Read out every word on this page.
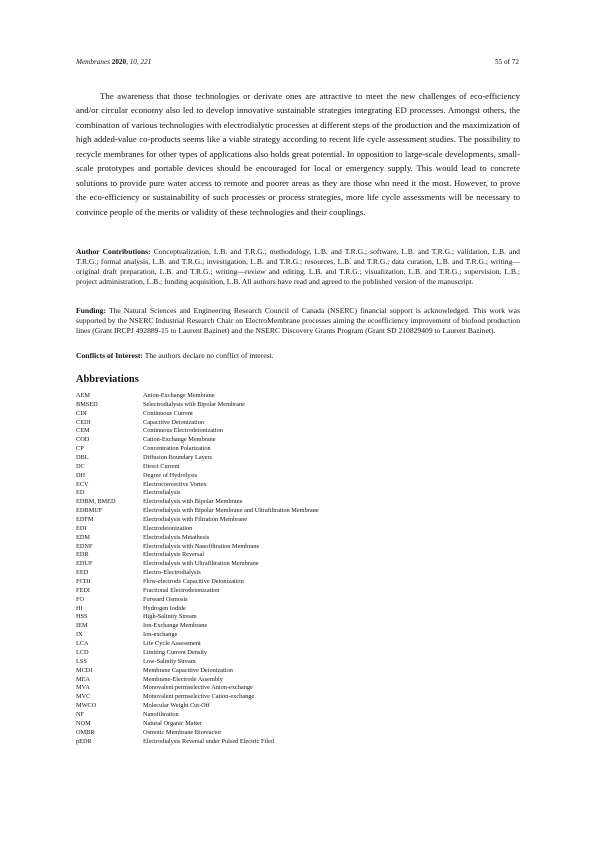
Membranes 2020, 10, 221	55 of 72

The awareness that those technologies or derivate ones are attractive to meet the new challenges of eco-efficiency and/or circular economy also led to develop innovative sustainable strategies integrating ED processes. Amongst others, the combination of various technologies with electrodialytic processes at different steps of the production and the maximization of high added-value co-products seems like a viable strategy according to recent life cycle assessment studies. The possibility to recycle membranes for other types of applications also holds great potential. In opposition to large-scale developments, small-scale prototypes and portable devices should be encouraged for local or emergency supply. This would lead to concrete solutions to provide pure water access to remote and poorer areas as they are those who need it the most. However, to prove the eco-efficiency or sustainability of such processes or process strategies, more life cycle assessments will be necessary to convince people of the merits or validity of these technologies and their couplings.

Author Contributions: Conceptualization, L.B. and T.R.G.; methodology, L.B. and T.R.G.; software, L.B. and T.R.G.; validation, L.B. and T.R.G.; formal analysis, L.B. and T.R.G.; investigation, L.B. and T.R.G.; resources, L.B. and T.R.G.; data curation, L.B. and T.R.G.; writing—original draft preparation, L.B. and T.R.G.; writing—review and editing, L.B. and T.R.G.; visualization, L.B. and T.R.G.; supervision, L.B.; project administration, L.B.; funding acquisition, L.B. All authors have read and agreed to the published version of the manuscript.

Funding: The Natural Sciences and Engineering Research Council of Canada (NSERC) financial support is acknowledged. This work was supported by the NSERC Industrial Research Chair on ElectroMembrane processes aiming the ecoefficiency improvement of biofood production lines (Grant IRCPJ 492889-15 to Laurent Bazinet) and the NSERC Discovery Grants Program (Grant SD 210829409 to Laurent Bazinet).

Conflicts of Interest: The authors declare no conflict of interest.

Abbreviations
AEM	Anion-Exchange Membrane
BMSED	Selectrodialysis with Bipolar Membrane
CDI	Continuous Current
CEDI	Capacitive Deionization
CEM	Continuous Electrodeionization
COD	Cation-Exchange Membrane
CP	Concentration Polarization
DBL	Diffusion Boundary Layers
DC	Direct Current
DH	Degree of Hydrolysis
ECV	Electroconvective Vortex
ED	Electrodialysis
EDBM, BMED	Electrodialysis with Bipolar Membrane
EDBMUF	Electrodialysis with Bipolar Membrane and Ultrafiltration Membrane
EDFM	Electrodialysis with Filtration Membrane
EDI	Electrodeionization
EDM	Electrodialysis Metathesis
EDNF	Electrodialysis with Nanofiltration Membrane
EDR	Electrodialysis Reversal
EDUF	Electrodialysis with Ultrafiltration Membrane
EED	Electro-Electrodialysis
FCDI	Flow-electrode Capacitive Deionization
FEDI	Fractional Electrodeionization
FO	Forward Osmosis
HI	Hydrogen Iodide
HSS	High-Salinity Stream
IEM	Ion-Exchange Membrane
IX	Ion-exchange
LCA	Life Cycle Assessment
LCD	Limiting Current Density
LSS	Low-Salinity Stream
MCDI	Membrane Capacitive Deionization
MEA	Membrane-Electrode Assembly
MVA	Monovalent permselective Anion-exchange
MVC	Monovalent permselective Cation-exchange
MWCO	Molecular Weight Cut-Off
NF	Nanofiltration
NOM	Natural Organic Matter
OMBR	Osmotic Membrane Bioreactor
pEDR	Electrodialysis Reversal under Pulsed Electric Filed
